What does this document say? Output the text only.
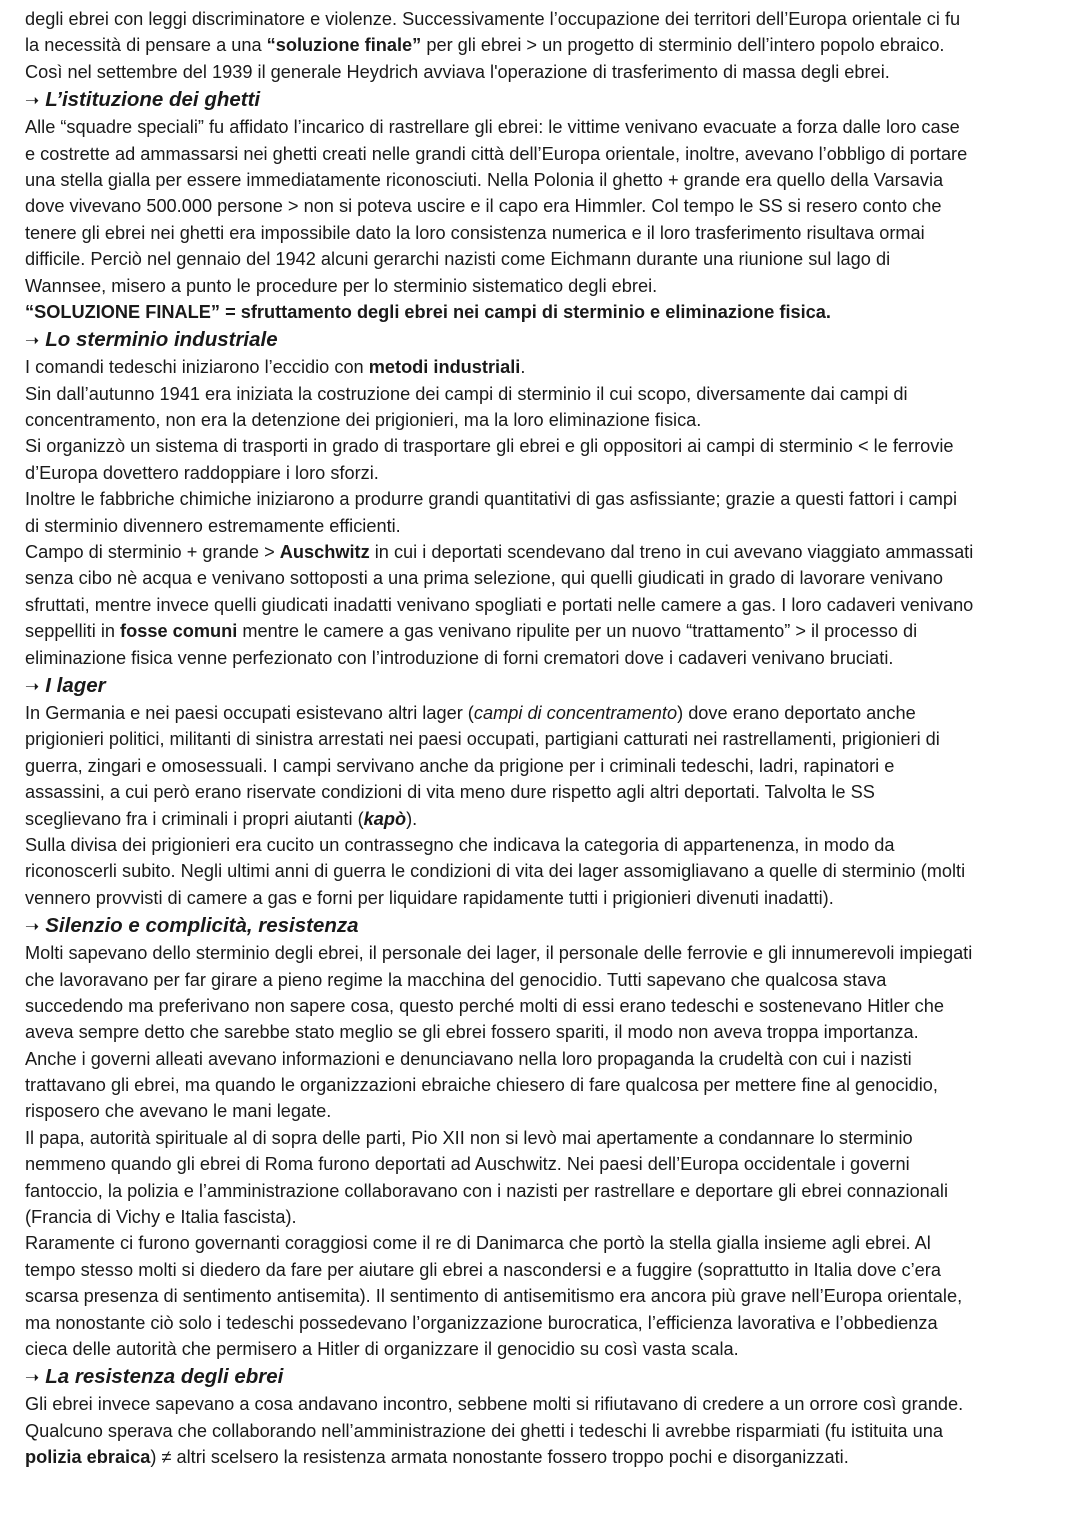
degli ebrei con leggi discriminatore e violenze. Successivamente l’occupazione dei territori dell’Europa orientale ci fu
la necessità di pensare a una “soluzione finale” per gli ebrei > un progetto di sterminio dell’intero popolo ebraico.
Così nel settembre del 1939 il generale Heydrich avviava l'operazione di trasferimento di massa degli ebrei.
➝ L’istituzione dei ghetti
Alle “squadre speciali” fu affidato l’incarico di rastrellare gli ebrei: le vittime venivano evacuate a forza dalle loro case
e costrette ad ammassarsi nei ghetti creati nelle grandi città dell’Europa orientale, inoltre, avevano l’obbligo di portare
una stella gialla per essere immediatamente riconosciuti. Nella Polonia il ghetto + grande era quello della Varsavia
dove vivevano 500.000 persone > non si poteva uscire e il capo era Himmler. Col tempo le SS si resero conto che
tenere gli ebrei nei ghetti era impossibile dato la loro consistenza numerica e il loro trasferimento risultava ormai
difficile. Perciò nel gennaio del 1942 alcuni gerarchi nazisti come Eichmann durante una riunione sul lago di
Wannsee, misero a punto le procedure per lo sterminio sistematico degli ebrei.
“SOLUZIONE FINALE” = sfruttamento degli ebrei nei campi di sterminio e eliminazione fisica.
➝ Lo sterminio industriale
I comandi tedeschi iniziarono l’eccidio con metodi industriali.
Sin dall’autunno 1941 era iniziata la costruzione dei campi di sterminio il cui scopo, diversamente dai campi di
concentramento, non era la detenzione dei prigionieri, ma la loro eliminazione fisica.
Si organizzò un sistema di trasporti in grado di trasportare gli ebrei e gli oppositori ai campi di sterminio < le ferrovie
d’Europa dovettero raddoppiare i loro sforzi.
Inoltre le fabbriche chimiche iniziarono a produrre grandi quantitativi di gas asfissiante; grazie a questi fattori i campi
di sterminio divennero estremamente efficienti.
Campo di sterminio + grande > Auschwitz in cui i deportati scendevano dal treno in cui avevano viaggiato ammassati
senza cibo nè acqua e venivano sottoposti a una prima selezione, qui quelli giudicati in grado di lavorare venivano
sfruttati, mentre invece quelli giudicati inadatti venivano spogliati e portati nelle camere a gas. I loro cadaveri venivano
seppelliti in fosse comuni mentre le camere a gas venivano ripulite per un nuovo “trattamento” > il processo di
eliminazione fisica venne perfezionato con l’introduzione di forni crematori dove i cadaveri venivano bruciati.
➝ I lager
In Germania e nei paesi occupati esistevano altri lager (campi di concentramento) dove erano deportato anche
prigionieri politici, militanti di sinistra arrestati nei paesi occupati, partigiani catturati nei rastrellamenti, prigionieri di
guerra, zingari e omosessuali. I campi servivano anche da prigione per i criminali tedeschi, ladri, rapinatori e
assassini, a cui però erano riservate condizioni di vita meno dure rispetto agli altri deportati. Talvolta le SS
sceglievano fra i criminali i propri aiutanti (kapò).
Sulla divisa dei prigionieri era cucito un contrassegno che indicava la categoria di appartenenza, in modo da
riconoscerli subito. Negli ultimi anni di guerra le condizioni di vita dei lager assomigliavano a quelle di sterminio (molti
vennero provvisti di camere a gas e forni per liquidare rapidamente tutti i prigionieri divenuti inadatti).
➝ Silenzio e complicità, resistenza
Molti sapevano dello sterminio degli ebrei, il personale dei lager, il personale delle ferrovie e gli innumerevoli impiegati
che lavoravano per far girare a pieno regime la macchina del genocidio. Tutti sapevano che qualcosa stava
succedendo ma preferivano non sapere cosa, questo perché molti di essi erano tedeschi e sostenevano Hitler che
aveva sempre detto che sarebbe stato meglio se gli ebrei fossero spariti, il modo non aveva troppa importanza.
Anche i governi alleati avevano informazioni e denunciavano nella loro propaganda la crudeltà con cui i nazisti
trattavano gli ebrei, ma quando le organizzazioni ebraiche chiesero di fare qualcosa per mettere fine al genocidio,
risposero che avevano le mani legate.
Il papa, autorità spirituale al di sopra delle parti, Pio XII non si levò mai apertamente a condannare lo sterminio
nemmeno quando gli ebrei di Roma furono deportati ad Auschwitz. Nei paesi dell’Europa occidentale i governi
fantoccio, la polizia e l’amministrazione collaboravano con i nazisti per rastrellare e deportare gli ebrei connazionali
(Francia di Vichy e Italia fascista).
Raramente ci furono governanti coraggiosi come il re di Danimarca che portò la stella gialla insieme agli ebrei. Al
tempo stesso molti si diedero da fare per aiutare gli ebrei a nascondersi e a fuggire (soprattutto in Italia dove c’era
scarsa presenza di sentimento antisemita). Il sentimento di antisemitismo era ancora più grave nell’Europa orientale,
ma nonostante ciò solo i tedeschi possedevano l’organizzazione burocratica, l’efficienza lavorativa e l’obbedienza
cieca delle autorità che permisero a Hitler di organizzare il genocidio su così vasta scala.
➝ La resistenza degli ebrei
Gli ebrei invece sapevano a cosa andavano incontro, sebbene molti si rifiutavano di credere a un orrore così grande.
Qualcuno sperava che collaborando nell’amministrazione dei ghetti i tedeschi li avrebbe risparmiati (fu istituita una
polizia ebraica) ≠ altri scelsero la resistenza armata nonostante fossero troppo pochi e disorganizzati.
